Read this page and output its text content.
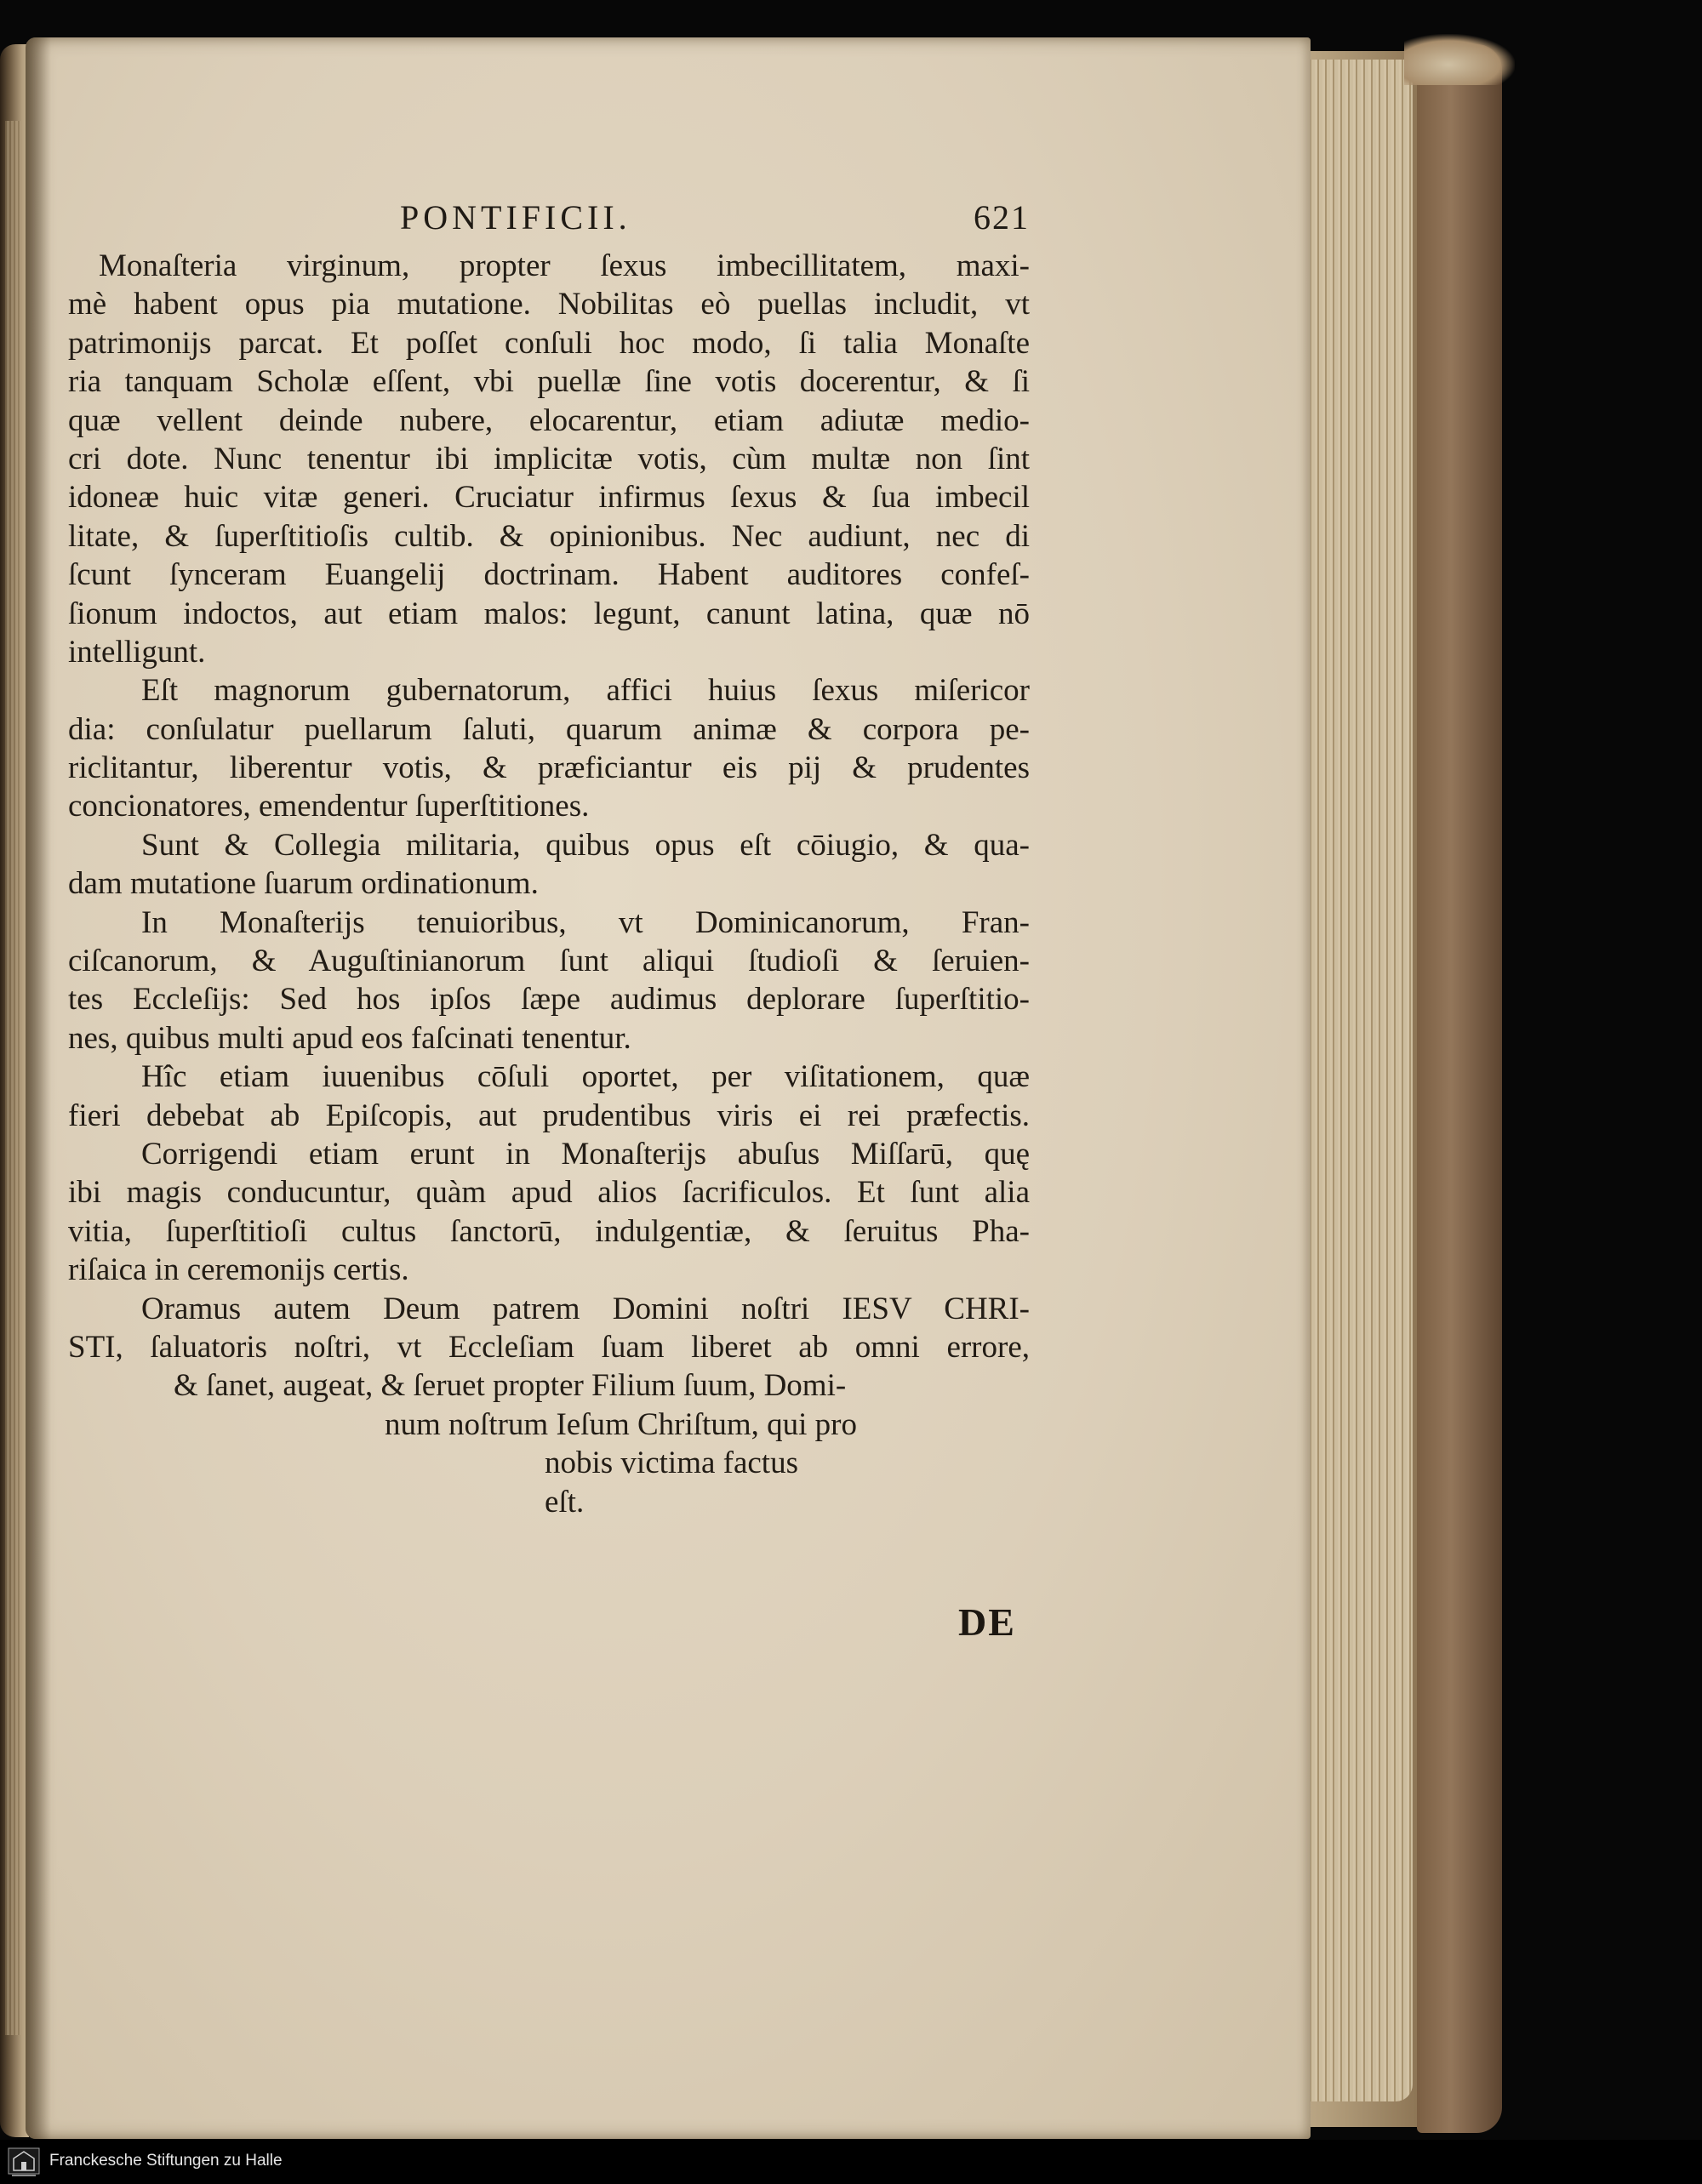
PONTIFICII.	621
Monaſteria virginum, propter ſexus imbecillitatem, maxi-
mè habent opus pia mutatione. Nobilitas eò puellas includit, vt
patrimonijs parcat. Et poſſet conſuli hoc modo, ſi talia Monaſte
ria tanquam Scholæ eſſent, vbi puellæ ſine votis docerentur, & ſi
quæ vellent deinde nubere, elocarentur, etiam adiutæ medio-
cri dote. Nunc tenentur ibi implicitæ votis, cùm multæ non ſint
idoneæ huic vitæ generi. Cruciatur infirmus ſexus & ſua imbecil
litate, & ſuperſtitioſis cultib. & opinionibus. Nec audiunt, nec di
ſcunt ſynceram Euangelij doctrinam. Habent auditores confeſ-
ſionum indoctos, aut etiam malos: legunt, canunt latina, quæ nō
intelligunt.
Eſt magnorum gubernatorum, affici huius ſexus miſericor
dia: conſulatur puellarum ſaluti, quarum animæ & corpora pe-
riclitantur, liberentur votis, & præficiantur eis pij & prudentes
concionatores, emendentur ſuperſtitiones.
Sunt & Collegia militaria, quibus opus eſt cōiugio, & qua-
dam mutatione ſuarum ordinationum.
In Monaſterijs tenuioribus, vt Dominicanorum, Fran-
ciſcanorum, & Auguſtinianorum ſunt aliqui ſtudioſi & ſeruien-
tes Eccleſijs: Sed hos ipſos ſæpe audimus deplorare ſuperſtitio-
nes, quibus multi apud eos faſcinati tenentur.
Hîc etiam iuuenibus cōſuli oportet, per viſitationem, quæ
fieri debebat ab Epiſcopis, aut prudentibus viris ei rei præfectis.
Corrigendi etiam erunt in Monaſterijs abuſus Miſſarū, quę
ibi magis conducuntur, quàm apud alios ſacrificulos. Et ſunt alia
vitia, ſuperſtitioſi cultus ſanctorū, indulgentiæ, & ſeruitus Pha-
riſaica in ceremonijs certis.
Oramus autem Deum patrem Domini noſtri IESV CHRI-
STI, ſaluatoris noſtri, vt Eccleſiam ſuam liberet ab omni errore,
& ſanet, augeat, & ſeruet propter Filium ſuum, Domi-
num noſtrum Ieſum Chriſtum, qui pro
nobis victima factus
eſt.
DE
Franckesche Stiftungen zu Halle
